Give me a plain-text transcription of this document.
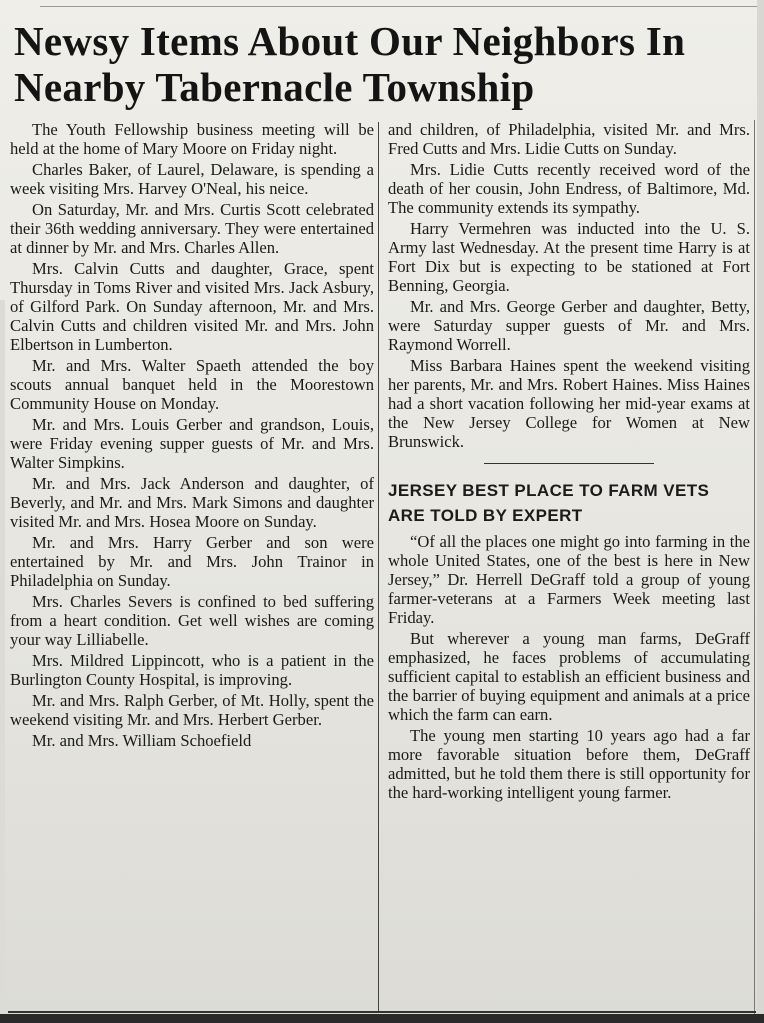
Newsy Items About Our Neighbors In Nearby Tabernacle Township

The Youth Fellowship business meeting will be held at the home of Mary Moore on Friday night.

Charles Baker, of Laurel, Delaware, is spending a week visiting Mrs. Harvey O'Neal, his neice.

On Saturday, Mr. and Mrs. Curtis Scott celebrated their 36th wedding anniversary. They were entertained at dinner by Mr. and Mrs. Charles Allen.

Mrs. Calvin Cutts and daughter, Grace, spent Thursday in Toms River and visited Mrs. Jack Asbury, of Gilford Park. On Sunday afternoon, Mr. and Mrs. Calvin Cutts and children visited Mr. and Mrs. John Elbertson in Lumberton.

Mr. and Mrs. Walter Spaeth attended the boy scouts annual banquet held in the Moorestown Community House on Monday.

Mr. and Mrs. Louis Gerber and grandson, Louis, were Friday evening supper guests of Mr. and Mrs. Walter Simpkins.

Mr. and Mrs. Jack Anderson and daughter, of Beverly, and Mr. and Mrs. Mark Simons and daughter visited Mr. and Mrs. Hosea Moore on Sunday.

Mr. and Mrs. Harry Gerber and son were entertained by Mr. and Mrs. John Trainor in Philadelphia on Sunday.

Mrs. Charles Severs is confined to bed suffering from a heart condition. Get well wishes are coming your way Lilliabelle.

Mrs. Mildred Lippincott, who is a patient in the Burlington County Hospital, is improving.

Mr. and Mrs. Ralph Gerber, of Mt. Holly, spent the weekend visiting Mr. and Mrs. Herbert Gerber.

Mr. and Mrs. William Schoefield

and children, of Philadelphia, visited Mr. and Mrs. Fred Cutts and Mrs. Lidie Cutts on Sunday.

Mrs. Lidie Cutts recently received word of the death of her cousin, John Endress, of Baltimore, Md. The community extends its sympathy.

Harry Vermehren was inducted into the U. S. Army last Wednesday. At the present time Harry is at Fort Dix but is expecting to be stationed at Fort Benning, Georgia.

Mr. and Mrs. George Gerber and daughter, Betty, were Saturday supper guests of Mr. and Mrs. Raymond Worrell.

Miss Barbara Haines spent the weekend visiting her parents, Mr. and Mrs. Robert Haines. Miss Haines had a short vacation following her mid-year exams at the New Jersey College for Women at New Brunswick.

JERSEY BEST PLACE TO FARM VETS ARE TOLD BY EXPERT

“Of all the places one might go into farming in the whole United States, one of the best is here in New Jersey,” Dr. Herrell DeGraff told a group of young farmer-veterans at a Farmers Week meeting last Friday.

But wherever a young man farms, DeGraff emphasized, he faces problems of accumulating sufficient capital to establish an efficient business and the barrier of buying equipment and animals at a price which the farm can earn.

The young men starting 10 years ago had a far more favorable situation before them, DeGraff admitted, but he told them there is still opportunity for the hard-working intelligent young farmer.
